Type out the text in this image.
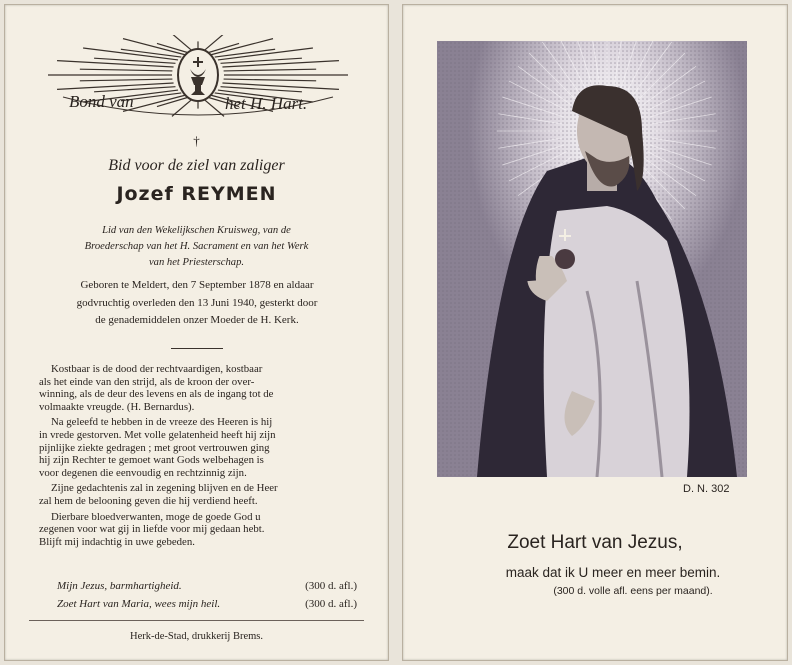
Bond van	het H. Hart.
†
Bid voor de ziel van zaliger
Jozef REYMEN
Lid van den Wekelijkschen Kruisweg, van de
Broederschap van het H. Sacrament en van het Werk
van het Priesterschap.
Geboren te Meldert, den 7 September 1878 en aldaar
godvruchtig overleden den 13 Juni 1940, gesterkt door
de genademiddelen onzer Moeder de H. Kerk.

Kostbaar is de dood der rechtvaardigen, kostbaar
als het einde van den strijd, als de kroon der over-
winning, als de deur des levens en als de ingang tot de
volmaakte vreugde. (H. Bernardus).

Na geleefd te hebben in de vreeze des Heeren is hij
in vrede gestorven. Met volle gelatenheid heeft hij zijn
pijnlijke ziekte gedragen ; met groot vertrouwen ging
hij zijn Rechter te gemoet want Gods welbehagen is
voor degenen die eenvoudig en rechtzinnig zijn.

Zijne gedachtenis zal in zegening blijven en de Heer
zal hem de belooning geven die hij verdiend heeft.

Dierbare bloedverwanten, moge de goede God u
zegenen voor wat gij in liefde voor mij gedaan hebt.
Blijft mij indachtig in uwe gebeden.

Mijn Jezus, barmhartigheid.	(300 d. afl.)
Zoet Hart van Maria, wees mijn heil.	(300 d. afl.)
Herk-de-Stad, drukkerij Brems.
D. N. 302
Zoet Hart van Jezus,
maak dat ik U meer en meer bemin.
(300 d. volle afl. eens per maand).
